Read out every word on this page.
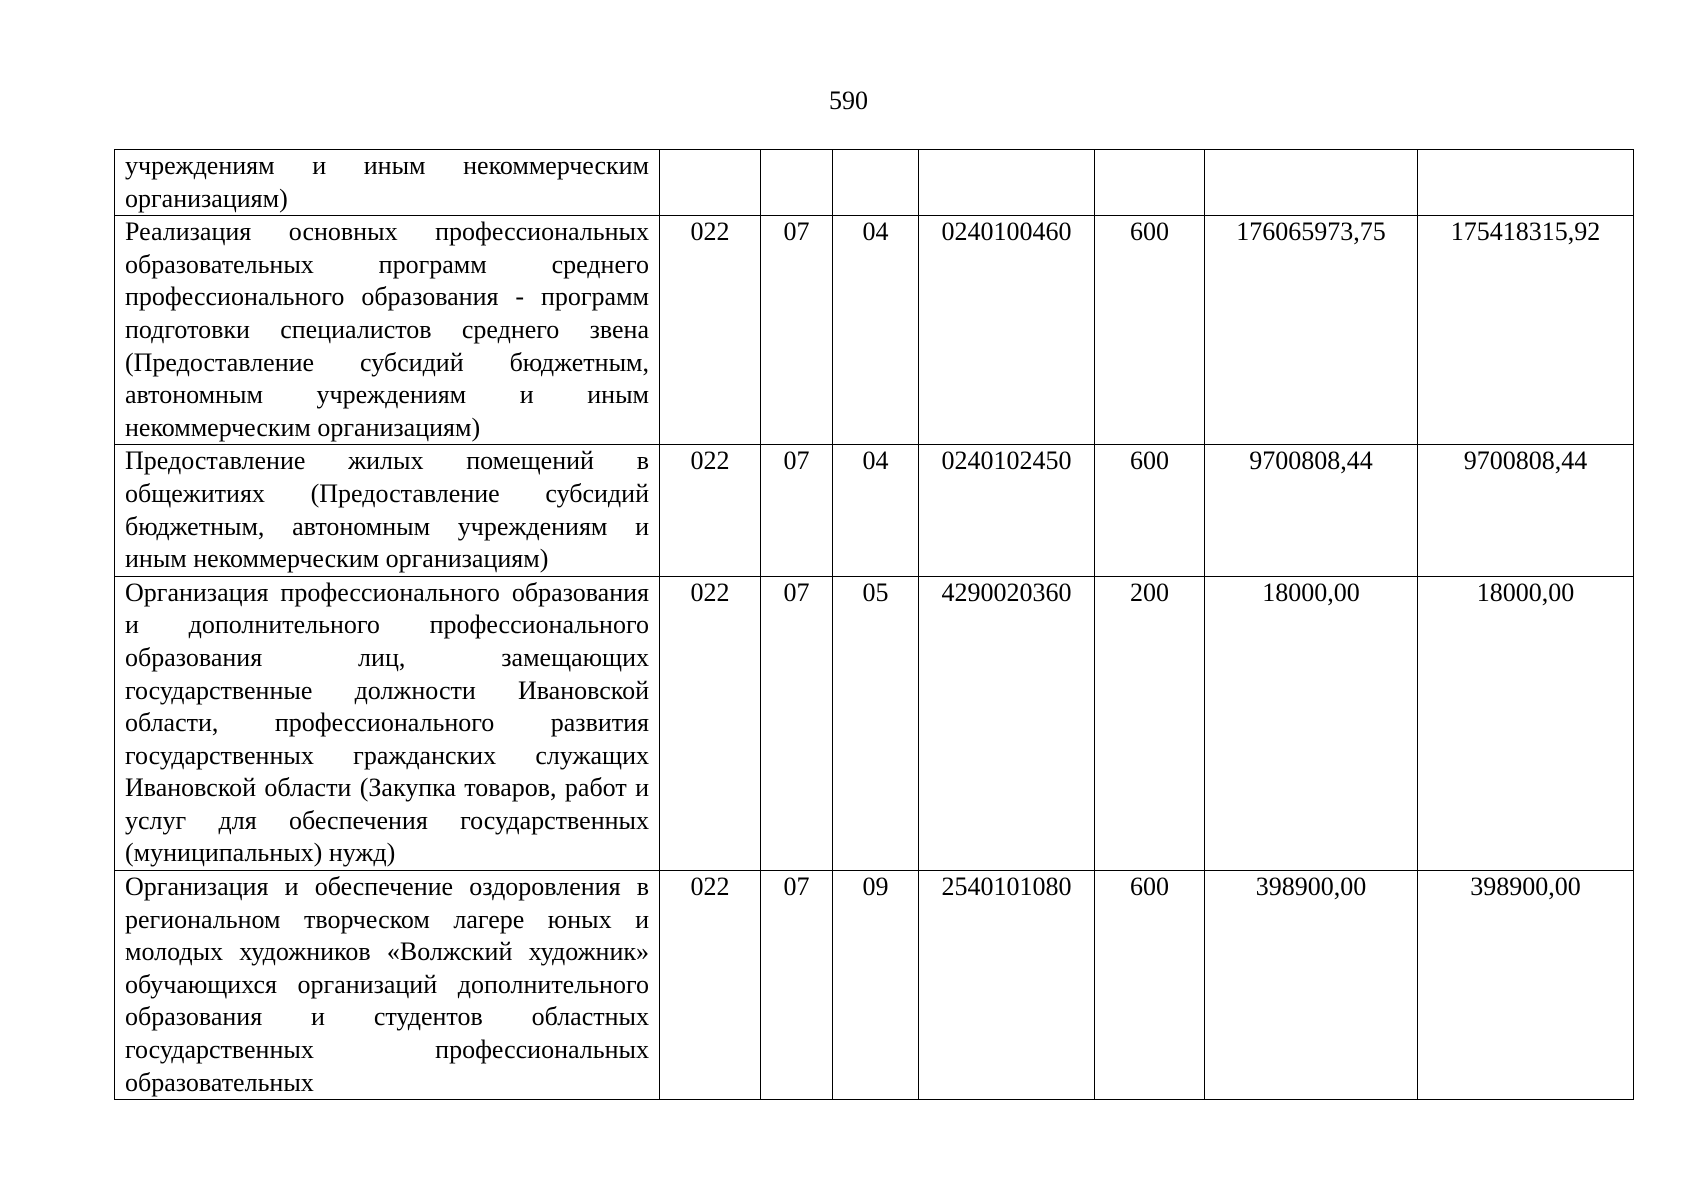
590
учреждениям и иным некоммерческим организациям)							
Реализация основных профессиональных образовательных программ среднего профессионального образования - программ подготовки специалистов среднего звена (Предоставление субсидий бюджетным, автономным учреждениям и иным некоммерческим организациям)	022	07	04	0240100460	600	176065973,75	175418315,92
Предоставление жилых помещений в общежитиях (Предоставление субсидий бюджетным, автономным учреждениям и иным некоммерческим организациям)	022	07	04	0240102450	600	9700808,44	9700808,44
Организация профессионального образования и дополнительного профессионального образования лиц, замещающих государственные должности Ивановской области, профессионального развития государственных гражданских служащих Ивановской области (Закупка товаров, работ и услуг для обеспечения государственных (муниципальных) нужд)	022	07	05	4290020360	200	18000,00	18000,00
Организация и обеспечение оздоровления в региональном творческом лагере юных и молодых художников «Волжский художник» обучающихся организаций дополнительного образования и студентов областных государственных профессиональных образовательных	022	07	09	2540101080	600	398900,00	398900,00
